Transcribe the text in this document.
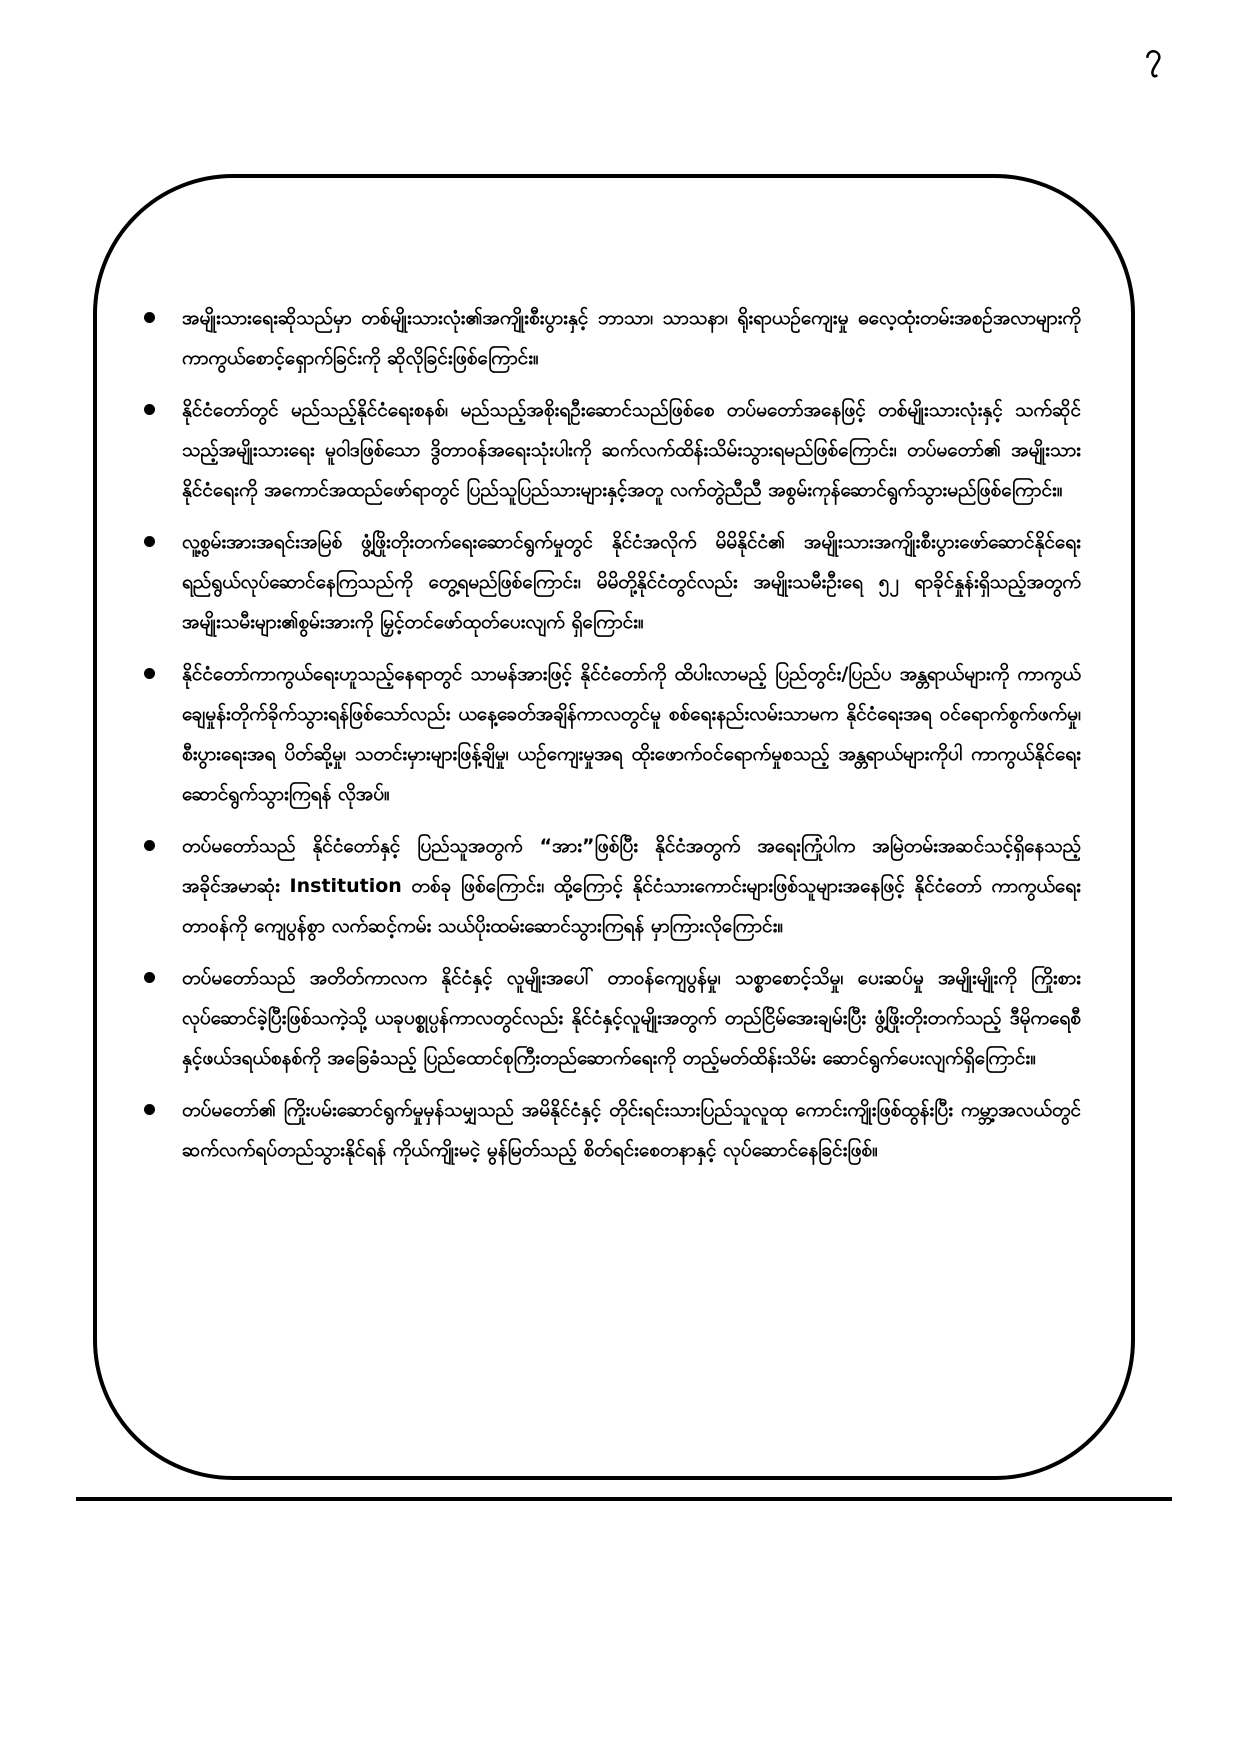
၇
အမျိုးသားရေးဆိုသည်မှာ တစ်မျိုးသားလုံး၏အကျိုးစီးပွားနှင့် ဘာသာ၊ သာသနာ၊ ရိုးရာယဉ်ကျေးမှု ဓလေ့ထုံးတမ်းအစဉ်အလာများကို ကာကွယ်စောင့်ရှောက်ခြင်းကို ဆိုလိုခြင်းဖြစ်ကြောင်း။
နိုင်ငံတော်တွင် မည်သည့်နိုင်ငံရေးစနစ်၊ မည်သည့်အစိုးရဦးဆောင်သည်ဖြစ်စေ တပ်မတော်အနေဖြင့် တစ်မျိုးသားလုံးနှင့် သက်ဆိုင်သည့်အမျိုးသားရေး မူဝါဒဖြစ်သော ဒွိတာဝန်အရေးသုံးပါးကို ဆက်လက်ထိန်းသိမ်းသွားရမည်ဖြစ်ကြောင်း၊ တပ်မတော်၏ အမျိုးသားနိုင်ငံရေးကို အကောင်အထည်ဖော်ရာတွင် ပြည်သူပြည်သားများနှင့်အတူ လက်တွဲညီညီ အစွမ်းကုန်ဆောင်ရွက်သွားမည်ဖြစ်ကြောင်း။
လူ့စွမ်းအားအရင်းအမြစ် ဖွံ့ဖြိုးတိုးတက်ရေးဆောင်ရွက်မှုတွင် နိုင်ငံအလိုက် မိမိနိုင်ငံ၏ အမျိုးသားအကျိုးစီးပွားဖော်ဆောင်နိုင်ရေး ရည်ရွယ်လုပ်ဆောင်နေကြသည်ကို တွေ့ရမည်ဖြစ်ကြောင်း၊ မိမိတို့နိုင်ငံတွင်လည်း အမျိုးသမီးဦးရေ ၅၂ ရာခိုင်နှုန်းရှိသည့်အတွက် အမျိုးသမီးများ၏စွမ်းအားကို မြှင့်တင်ဖော်ထုတ်ပေးလျက် ရှိကြောင်း။
နိုင်ငံတော်ကာကွယ်ရေးဟူသည့်နေရာတွင် သာမန်အားဖြင့် နိုင်ငံတော်ကို ထိပါးလာမည့် ပြည်တွင်း/ပြည်ပ အန္တရာယ်များကို ကာကွယ်ချေမှုန်းတိုက်ခိုက်သွားရန်ဖြစ်သော်လည်း ယနေ့ခေတ်အချိန်ကာလတွင်မူ စစ်ရေးနည်းလမ်းသာမက နိုင်ငံရေးအရ ဝင်ရောက်စွက်ဖက်မှု၊ စီးပွားရေးအရ ပိတ်ဆို့မှု၊ သတင်းမှားများဖြန့်ချိမှု၊ ယဉ်ကျေးမှုအရ ထိုးဖောက်ဝင်ရောက်မှုစသည့် အန္တရာယ်များကိုပါ ကာကွယ်နိုင်ရေး ဆောင်ရွက်သွားကြရန် လိုအပ်။
တပ်မတော်သည် နိုင်ငံတော်နှင့် ပြည်သူအတွက် “အား”ဖြစ်ပြီး နိုင်ငံအတွက် အရေးကြုံပါက အမြဲတမ်းအဆင်သင့်ရှိနေသည့် အခိုင်အမာဆုံး Institution တစ်ခု ဖြစ်ကြောင်း၊ ထို့ကြောင့် နိုင်ငံသားကောင်းများဖြစ်သူများအနေဖြင့် နိုင်ငံတော် ကာကွယ်ရေးတာဝန်ကို ကျေပွန်စွာ လက်ဆင့်ကမ်း သယ်ပိုးထမ်းဆောင်သွားကြရန် မှာကြားလိုကြောင်း။
တပ်မတော်သည် အတိတ်ကာလက နိုင်ငံနှင့် လူမျိုးအပေါ် တာဝန်ကျေပွန်မှု၊ သစ္စာစောင့်သိမှု၊ ပေးဆပ်မှု အမျိုးမျိုးကို ကြိုးစားလုပ်ဆောင်ခဲ့ပြီးဖြစ်သကဲ့သို့ ယခုပစ္စုပ္ပန်ကာလတွင်လည်း နိုင်ငံနှင့်လူမျိုးအတွက် တည်ငြိမ်အေးချမ်းပြီး ဖွံ့ဖြိုးတိုးတက်သည့် ဒီမိုကရေစီနှင့်ဖယ်ဒရယ်စနစ်ကို အခြေခံသည့် ပြည်ထောင်စုကြီးတည်ဆောက်ရေးကို တည့်မတ်ထိန်းသိမ်း ဆောင်ရွက်ပေးလျက်ရှိကြောင်း။
တပ်မတော်၏ ကြိုးပမ်းဆောင်ရွက်မှုမှန်သမျှသည် အမိနိုင်ငံနှင့် တိုင်းရင်းသားပြည်သူလူထု ကောင်းကျိုးဖြစ်ထွန်းပြီး ကမ္ဘာ့အလယ်တွင် ဆက်လက်ရပ်တည်သွားနိုင်ရန် ကိုယ်ကျိုးမငဲ့ မွန်မြတ်သည့် စိတ်ရင်းစေတနာနှင့် လုပ်ဆောင်နေခြင်းဖြစ်။
